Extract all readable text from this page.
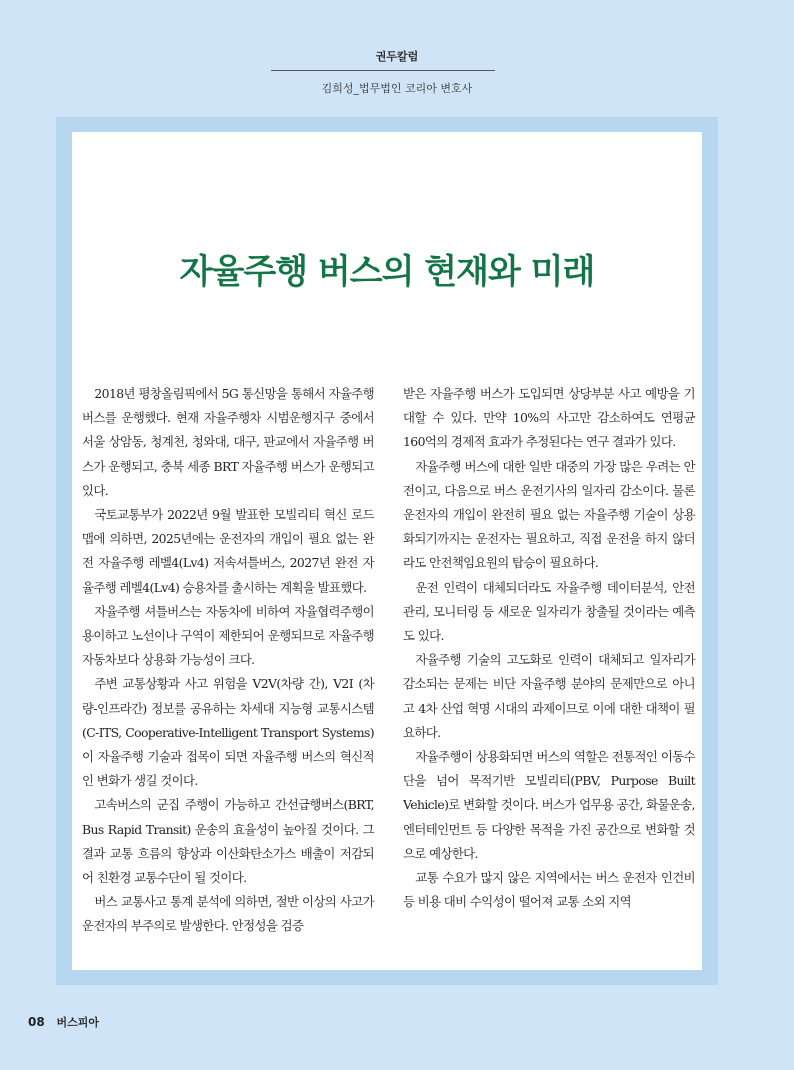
권두칼럼
김희성_법무법인 코리아 변호사
자율주행 버스의 현재와 미래

2018년 평창올림픽에서 5G 통신망을 통해서 자율주행 버스를 운행했다. 현재 자율주행차 시범운행지구 중에서 서울 상암동, 청계천, 청와대, 대구, 판교에서 자율주행 버스가 운행되고, 충북 세종 BRT 자율주행 버스가 운행되고 있다.

국토교통부가 2022년 9월 발표한 모빌리티 혁신 로드맵에 의하면, 2025년에는 운전자의 개입이 필요 없는 완전 자율주행 레벨4(Lv4) 저속셔틀버스, 2027년 완전 자율주행 레벨4(Lv4) 승용차를 출시하는 계획을 발표했다.

자율주행 셔틀버스는 자동차에 비하여 자율협력주행이 용이하고 노선이나 구역이 제한되어 운행되므로 자율주행 자동차보다 상용화 가능성이 크다.

주변 교통상황과 사고 위험을 V2V(차량 간), V2I (차량-인프라간) 정보를 공유하는 차세대 지능형 교통시스템(C-ITS, Cooperative-Intelligent Transport Systems)이 자율주행 기술과 접목이 되면 자율주행 버스의 혁신적인 변화가 생길 것이다.

고속버스의 군집 주행이 가능하고 간선급행버스(BRT, Bus Rapid Transit) 운송의 효율성이 높아질 것이다. 그 결과 교통 흐름의 향상과 이산화탄소가스 배출이 저감되어 친환경 교통수단이 될 것이다.

버스 교통사고 통계 분석에 의하면, 절반 이상의 사고가 운전자의 부주의로 발생한다. 안정성을 검증

받은 자율주행 버스가 도입되면 상당부분 사고 예방을 기대할 수 있다. 만약 10%의 사고만 감소하여도 연평균 160억의 경제적 효과가 추정된다는 연구 결과가 있다.

자율주행 버스에 대한 일반 대중의 가장 많은 우려는 안전이고, 다음으로 버스 운전기사의 일자리 감소이다. 물론 운전자의 개입이 완전히 필요 없는 자율주행 기술이 상용화되기까지는 운전자는 필요하고, 직접 운전을 하지 않더라도 안전책임요원의 탑승이 필요하다.

운전 인력이 대체되더라도 자율주행 데이터분석, 안전관리, 모니터링 등 새로운 일자리가 창출될 것이라는 예측도 있다.

자율주행 기술의 고도화로 인력이 대체되고 일자리가 감소되는 문제는 비단 자율주행 분야의 문제만으로 아니고 4차 산업 혁명 시대의 과제이므로 이에 대한 대책이 필요하다.

자율주행이 상용화되면 버스의 역할은 전통적인 이동수단을 넘어 목적기반 모빌리티(PBV, Purpose Built Vehicle)로 변화할 것이다. 버스가 업무용 공간, 화물운송, 엔터테인먼트 등 다양한 목적을 가진 공간으로 변화할 것으로 예상한다.

교통 수요가 많지 않은 지역에서는 버스 운전자 인건비 등 비용 대비 수익성이 떨어져 교통 소외 지역

08 버스피아
